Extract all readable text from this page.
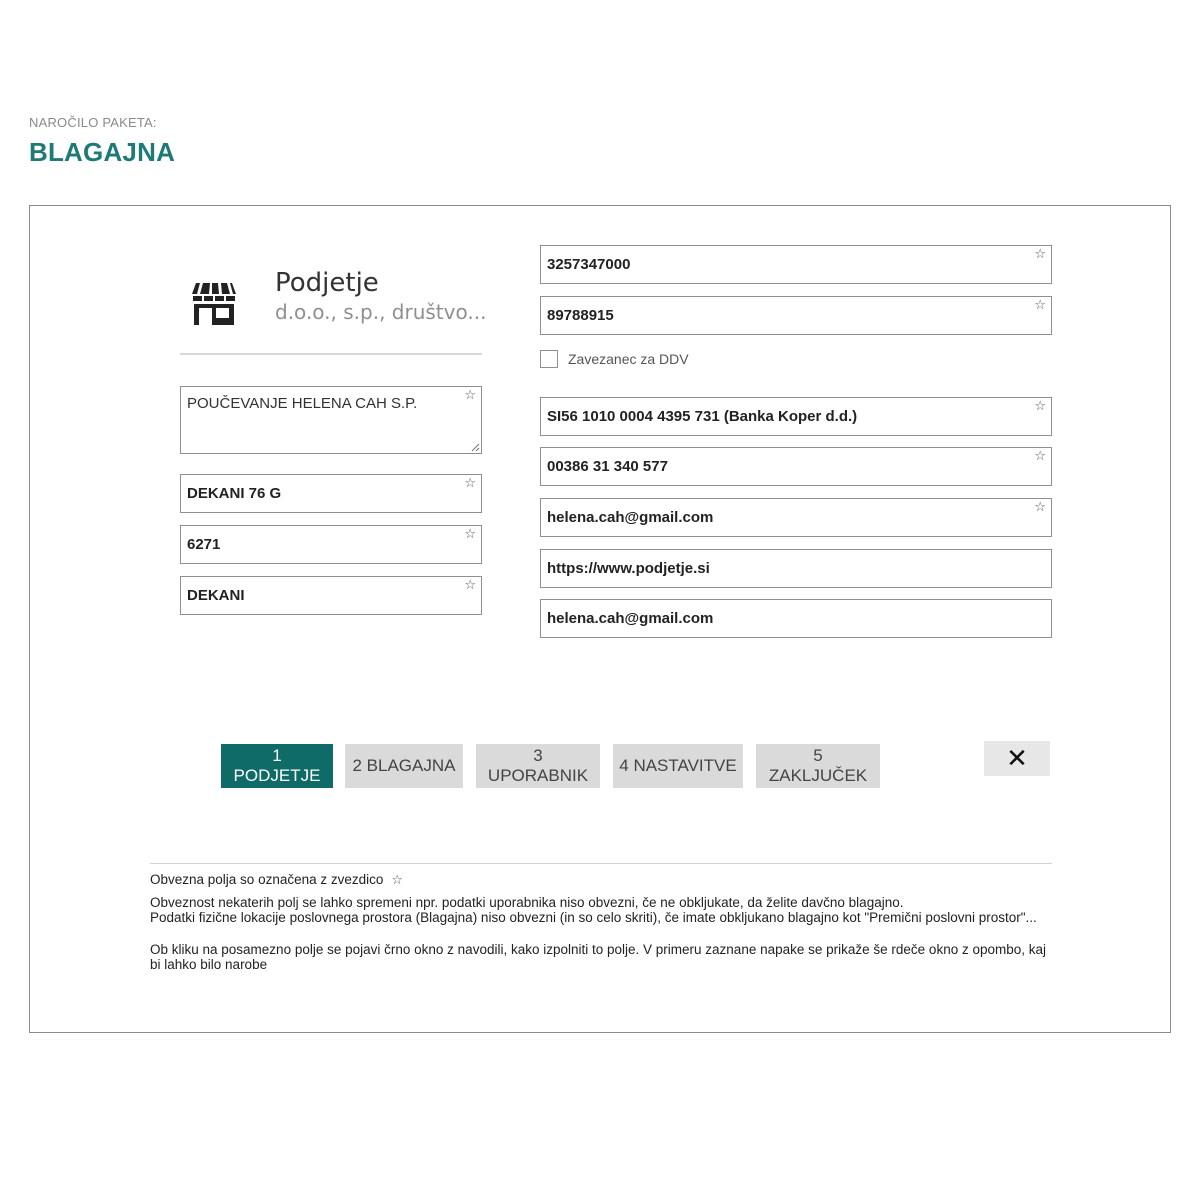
NAROČILO PAKETA:
BLAGAJNA
Podjetje
d.o.o., s.p., društvo...
POUČEVANJE HELENA CAH S.P.
☆
DEKANI 76 G
☆
6271
☆
DEKANI
☆
3257347000
☆
89788915
☆
Zavezanec za DDV
SI56 1010 0004 4395 731 (Banka Koper d.d.)
☆
00386 31 340 577
☆
helena.cah@gmail.com
☆
https://www.podjetje.si
helena.cah@gmail.com
1 PODJETJE
2 BLAGAJNA
3 UPORABNIK
4 NASTAVITVE
5 ZAKLJUČEK
✕

Obvezna polja so označena z zvezdico ☆

Obveznost nekaterih polj se lahko spremeni npr. podatki uporabnika niso obvezni, če ne obkljukate, da želite davčno blagajno.

Podatki fizične lokacije poslovnega prostora (Blagajna) niso obvezni (in so celo skriti), če imate obkljukano blagajno kot "Premični poslovni prostor"...

Ob kliku na posamezno polje se pojavi črno okno z navodili, kako izpolniti to polje. V primeru zaznane napake se prikaže še rdeče okno z opombo, kaj bi lahko bilo narobe
